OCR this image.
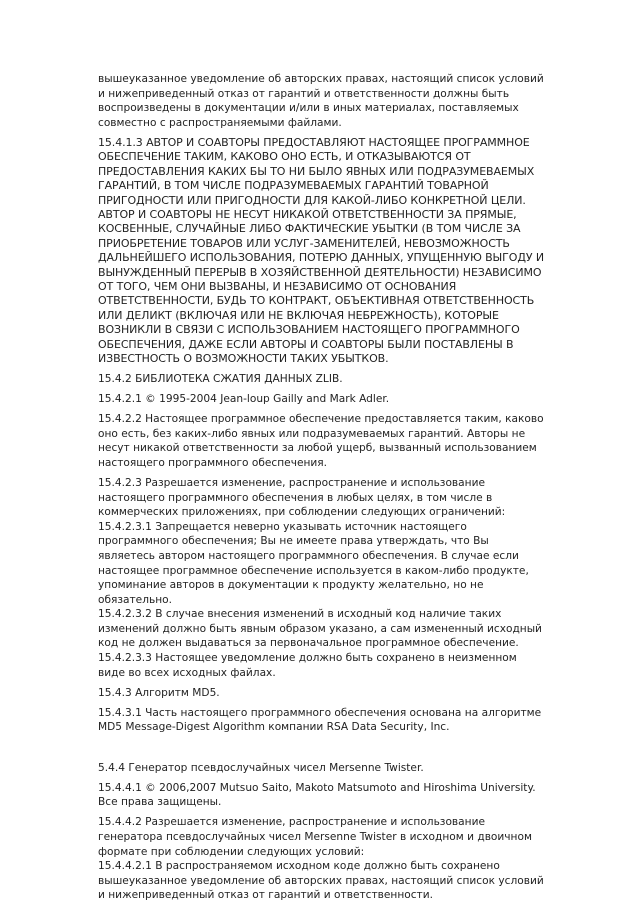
вышеуказанное уведомление об авторских правах, настоящий список условий и нижеприведенный отказ от гарантий и ответственности должны быть воспроизведены в документации и/или в иных материалах, поставляемых совместно с распространяемыми файлами.

15.4.1.3 АВТОР И СОАВТОРЫ ПРЕДОСТАВЛЯЮТ НАСТОЯЩЕЕ ПРОГРАММНОЕ ОБЕСПЕЧЕНИЕ ТАКИМ, КАКОВО ОНО ЕСТЬ, И ОТКАЗЫВАЮТСЯ ОТ ПРЕДОСТАВЛЕНИЯ КАКИХ БЫ ТО НИ БЫЛО ЯВНЫХ ИЛИ ПОДРАЗУМЕВАЕМЫХ ГАРАНТИЙ, В ТОМ ЧИСЛЕ ПОДРАЗУМЕВАЕМЫХ ГАРАНТИЙ ТОВАРНОЙ ПРИГОДНОСТИ ИЛИ ПРИГОДНОСТИ ДЛЯ КАКОЙ-ЛИБО КОНКРЕТНОЙ ЦЕЛИ. АВТОР И СОАВТОРЫ НЕ НЕСУТ НИКАКОЙ ОТВЕТСТВЕННОСТИ ЗА ПРЯМЫЕ, КОСВЕННЫЕ, СЛУЧАЙНЫЕ ЛИБО ФАКТИЧЕСКИЕ УБЫТКИ (В ТОМ ЧИСЛЕ ЗА ПРИОБРЕТЕНИЕ ТОВАРОВ ИЛИ УСЛУГ-ЗАМЕНИТЕЛЕЙ, НЕВОЗМОЖНОСТЬ ДАЛЬНЕЙШЕГО ИСПОЛЬЗОВАНИЯ, ПОТЕРЮ ДАННЫХ, УПУЩЕННУЮ ВЫГОДУ И ВЫНУЖДЕННЫЙ ПЕРЕРЫВ В ХОЗЯЙСТВЕННОЙ ДЕЯТЕЛЬНОСТИ) НЕЗАВИСИМО ОТ ТОГО, ЧЕМ ОНИ ВЫЗВАНЫ, И НЕЗАВИСИМО ОТ ОСНОВАНИЯ ОТВЕТСТВЕННОСТИ, БУДЬ ТО КОНТРАКТ, ОБЪЕКТИВНАЯ ОТВЕТСТВЕННОСТЬ ИЛИ ДЕЛИКТ (ВКЛЮЧАЯ ИЛИ НЕ ВКЛЮЧАЯ НЕБРЕЖНОСТЬ), КОТОРЫЕ ВОЗНИКЛИ В СВЯЗИ С ИСПОЛЬЗОВАНИЕМ НАСТОЯЩЕГО ПРОГРАММНОГО ОБЕСПЕЧЕНИЯ, ДАЖЕ ЕСЛИ АВТОРЫ И СОАВТОРЫ БЫЛИ ПОСТАВЛЕНЫ В ИЗВЕСТНОСТЬ О ВОЗМОЖНОСТИ ТАКИХ УБЫТКОВ.

15.4.2 БИБЛИОТЕКА СЖАТИЯ ДАННЫХ ZLIB.

15.4.2.1 © 1995-2004 Jean-loup Gailly and Mark Adler.

15.4.2.2 Настоящее программное обеспечение предоставляется таким, каково оно есть, без каких-либо явных или подразумеваемых гарантий. Авторы не несут никакой ответственности за любой ущерб, вызванный использованием настоящего программного обеспечения.

15.4.2.3 Разрешается изменение, распространение и использование настоящего программного обеспечения в любых целях, в том числе в коммерческих приложениях, при соблюдении следующих ограничений:
15.4.2.3.1 Запрещается неверно указывать источник настоящего программного обеспечения; Вы не имеете права утверждать, что Вы являетесь автором настоящего программного обеспечения. В случае если настоящее программное обеспечение используется в каком-либо продукте, упоминание авторов в документации к продукту желательно, но не обязательно.
15.4.2.3.2 В случае внесения изменений в исходный код наличие таких изменений должно быть явным образом указано, а сам измененный исходный код не должен выдаваться за первоначальное программное обеспечение.
15.4.2.3.3 Настоящее уведомление должно быть сохранено в неизменном виде во всех исходных файлах.

15.4.3 Алгоритм MD5.

15.4.3.1 Часть настоящего программного обеспечения основана на алгоритме MD5 Message-Digest Algorithm компании RSA Data Security, Inc.

5.4.4 Генератор псевдослучайных чисел Mersenne Twister.

15.4.4.1 © 2006,2007 Mutsuo Saito, Makoto Matsumoto and Hiroshima University. Все права защищены.

15.4.4.2 Разрешается изменение, распространение и использование генератора псевдослучайных чисел Mersenne Twister в исходном и двоичном формате при соблюдении следующих условий:
15.4.4.2.1 В распространяемом исходном коде должно быть сохранено вышеуказанное уведомление об авторских правах, настоящий список условий и нижеприведенный отказ от гарантий и ответственности.
